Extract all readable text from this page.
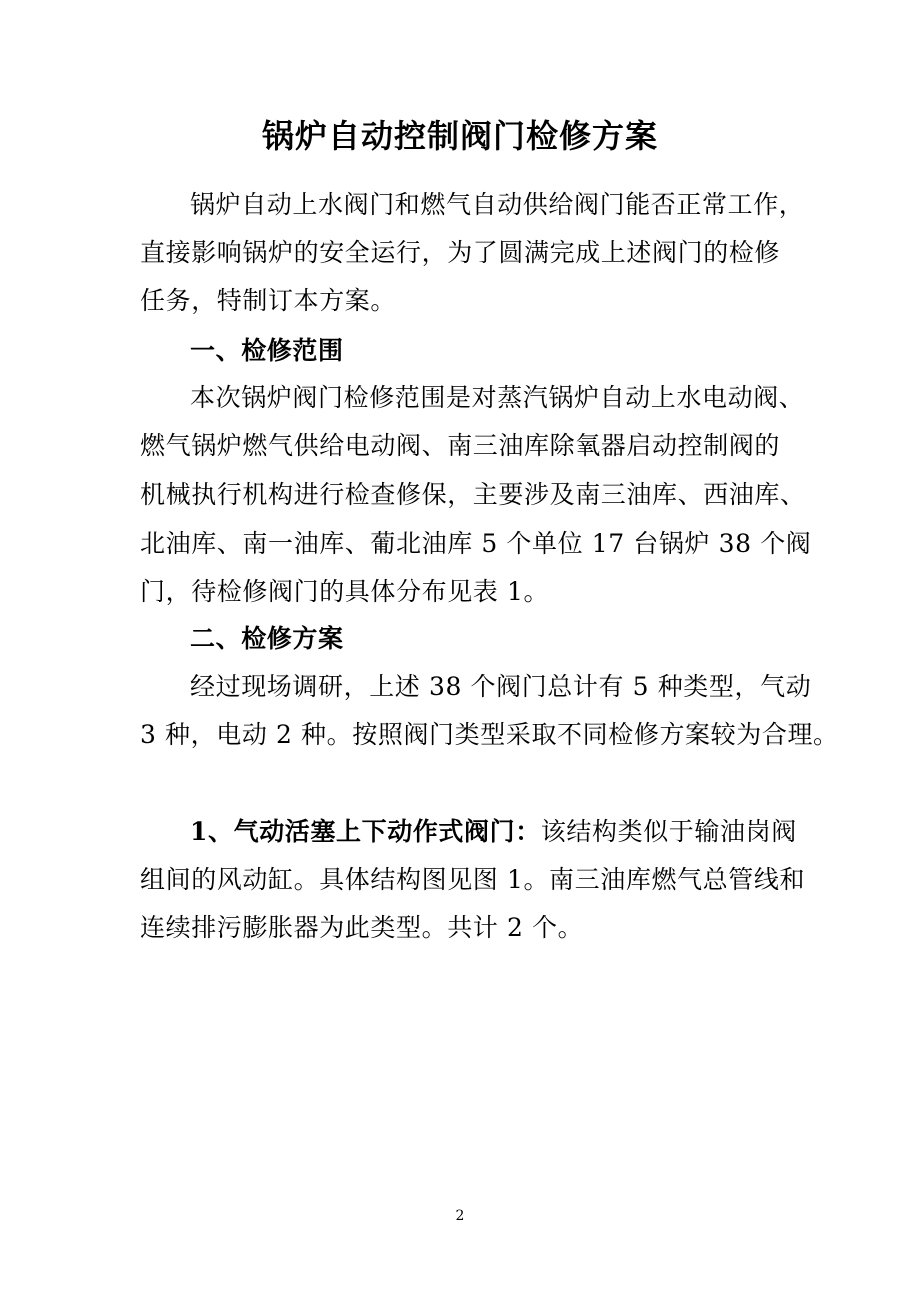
锅炉自动控制阀门检修方案
锅炉自动上水阀门和燃气自动供给阀门能否正常工作，
直接影响锅炉的安全运行，为了圆满完成上述阀门的检修
任务，特制订本方案。
一、检修范围
本次锅炉阀门检修范围是对蒸汽锅炉自动上水电动阀、
燃气锅炉燃气供给电动阀、南三油库除氧器启动控制阀的
机械执行机构进行检查修保，主要涉及南三油库、西油库、
北油库、南一油库、葡北油库 5 个单位 17 台锅炉 38 个阀
门，待检修阀门的具体分布见表 1。
二、检修方案
经过现场调研，上述 38 个阀门总计有 5 种类型，气动
3 种，电动 2 种。按照阀门类型采取不同检修方案较为合理。
1、气动活塞上下动作式阀门：该结构类似于输油岗阀
组间的风动缸。具体结构图见图 1。南三油库燃气总管线和
连续排污膨胀器为此类型。共计 2 个。
2
